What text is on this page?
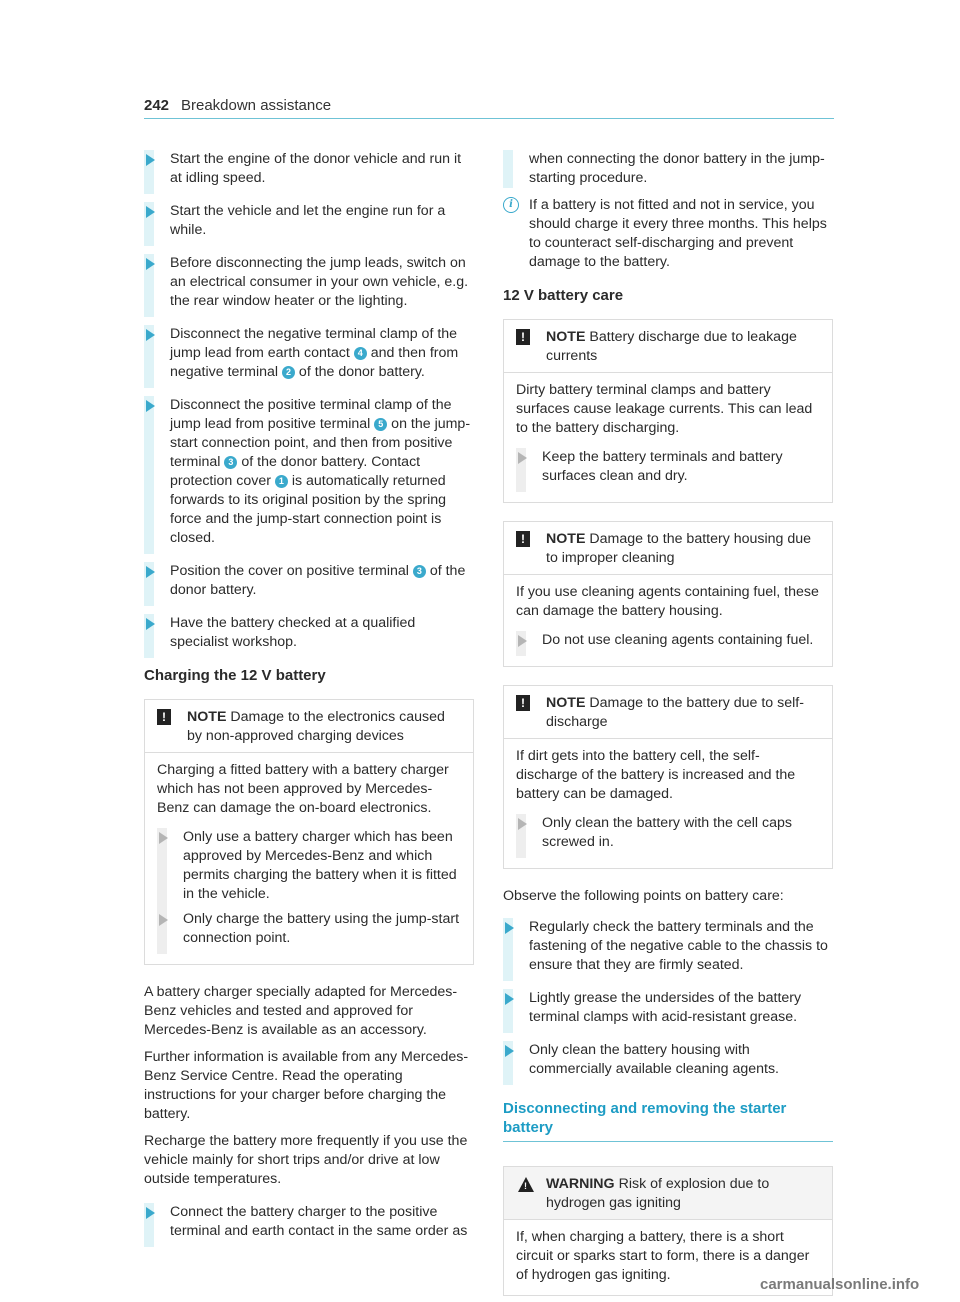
242 Breakdown assistance
Start the engine of the donor vehicle and run it at idling speed.
Start the vehicle and let the engine run for a while.
Before disconnecting the jump leads, switch on an electrical consumer in your own vehicle, e.g. the rear window heater or the lighting.
Disconnect the negative terminal clamp of the jump lead from earth contact 4 and then from negative terminal 2 of the donor battery.
Disconnect the positive terminal clamp of the jump lead from positive terminal 5 on the jump-start connection point, and then from positive terminal 3 of the donor battery. Contact protection cover 1 is automatically returned forwards to its original position by the spring force and the jump-start connection point is closed.
Position the cover on positive terminal 3 of the donor battery.
Have the battery checked at a qualified specialist workshop.
Charging the 12 V battery
!	NOTE Damage to the electronics caused by non-approved charging devices

Charging a fitted battery with a battery charger which has not been approved by Mercedes-Benz can damage the on-board electronics.

Only use a battery charger which has been approved by Mercedes-Benz and which permits charging the battery when it is fitted in the vehicle.
Only charge the battery using the jump-start connection point.

A battery charger specially adapted for Mercedes-Benz vehicles and tested and approved for Mercedes-Benz is available as an accessory.

Further information is available from any Mercedes-Benz Service Centre. Read the operating instructions for your charger before charging the battery.

Recharge the battery more frequently if you use the vehicle mainly for short trips and/or drive at low outside temperatures.

Connect the battery charger to the positive terminal and earth contact in the same order as
when connecting the donor battery in the jump-starting procedure.
i	If a battery is not fitted and not in service, you should charge it every three months. This helps to counteract self-discharging and prevent damage to the battery.
12 V battery care
!	NOTE Battery discharge due to leakage currents

Dirty battery terminal clamps and battery surfaces cause leakage currents. This can lead to the battery discharging.

Keep the battery terminals and battery surfaces clean and dry.
!	NOTE Damage to the battery housing due to improper cleaning

If you use cleaning agents containing fuel, these can damage the battery housing.

Do not use cleaning agents containing fuel.
!	NOTE Damage to the battery due to self-discharge

If dirt gets into the battery cell, the self-discharge of the battery is increased and the battery can be damaged.

Only clean the battery with the cell caps screwed in.

Observe the following points on battery care:

Regularly check the battery terminals and the fastening of the negative cable to the chassis to ensure that they are firmly seated.
Lightly grease the undersides of the battery terminal clamps with acid-resistant grease.
Only clean the battery housing with commercially available cleaning agents.
Disconnecting and removing the starter battery
! WARNING Risk of explosion due to hydrogen gas igniting
If, when charging a battery, there is a short circuit or sparks start to form, there is a danger of hydrogen gas igniting.
carmanualsonline.info
